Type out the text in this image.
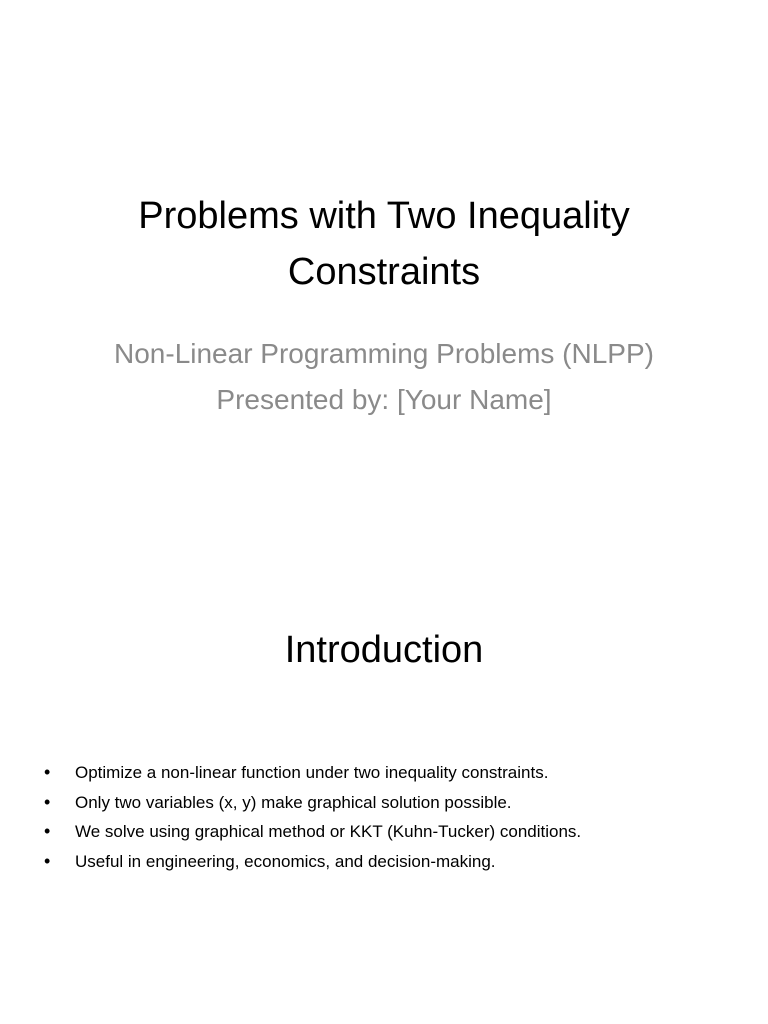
Problems with Two Inequality Constraints
Non-Linear Programming Problems (NLPP)
Presented by: [Your Name]
Introduction
• Optimize a non-linear function under two inequality constraints.
• Only two variables (x, y) make graphical solution possible.
• We solve using graphical method or KKT (Kuhn-Tucker) conditions.
• Useful in engineering, economics, and decision-making.
